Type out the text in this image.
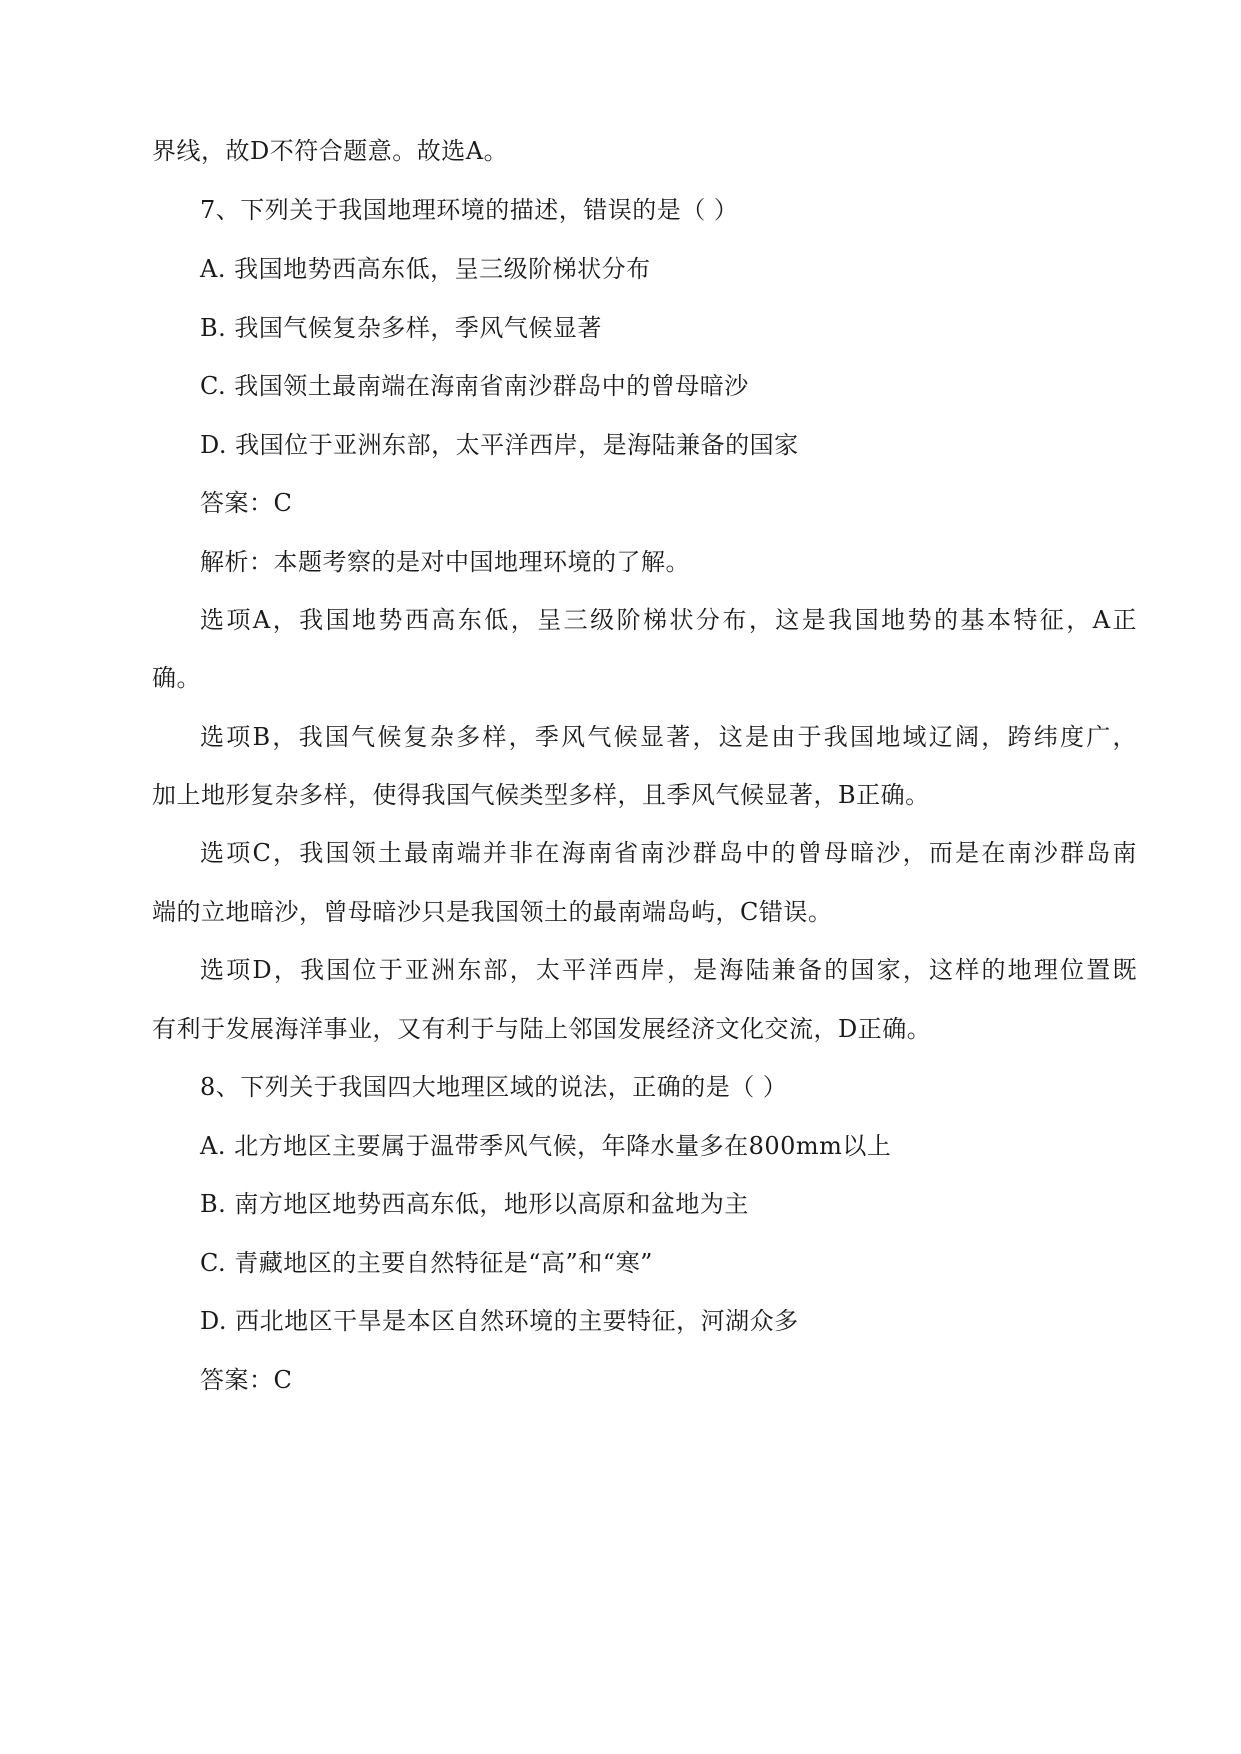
界线，故D不符合题意。故选A。
7、下列关于我国地理环境的描述，错误的是（ ）
A. 我国地势西高东低，呈三级阶梯状分布
B. 我国气候复杂多样，季风气候显著
C. 我国领土最南端在海南省南沙群岛中的曾母暗沙
D. 我国位于亚洲东部，太平洋西岸，是海陆兼备的国家
答案：C
解析：本题考察的是对中国地理环境的了解。
选项A，我国地势西高东低，呈三级阶梯状分布，这是我国地势的基本特征，A正
确。
选项B，我国气候复杂多样，季风气候显著，这是由于我国地域辽阔，跨纬度广，
加上地形复杂多样，使得我国气候类型多样，且季风气候显著，B正确。
选项C，我国领土最南端并非在海南省南沙群岛中的曾母暗沙，而是在南沙群岛南
端的立地暗沙，曾母暗沙只是我国领土的最南端岛屿，C错误。
选项D，我国位于亚洲东部，太平洋西岸，是海陆兼备的国家，这样的地理位置既
有利于发展海洋事业，又有利于与陆上邻国发展经济文化交流，D正确。
8、下列关于我国四大地理区域的说法，正确的是（ ）
A. 北方地区主要属于温带季风气候，年降水量多在800mm以上
B. 南方地区地势西高东低，地形以高原和盆地为主
C. 青藏地区的主要自然特征是“高”和“寒”
D. 西北地区干旱是本区自然环境的主要特征，河湖众多
答案：C
